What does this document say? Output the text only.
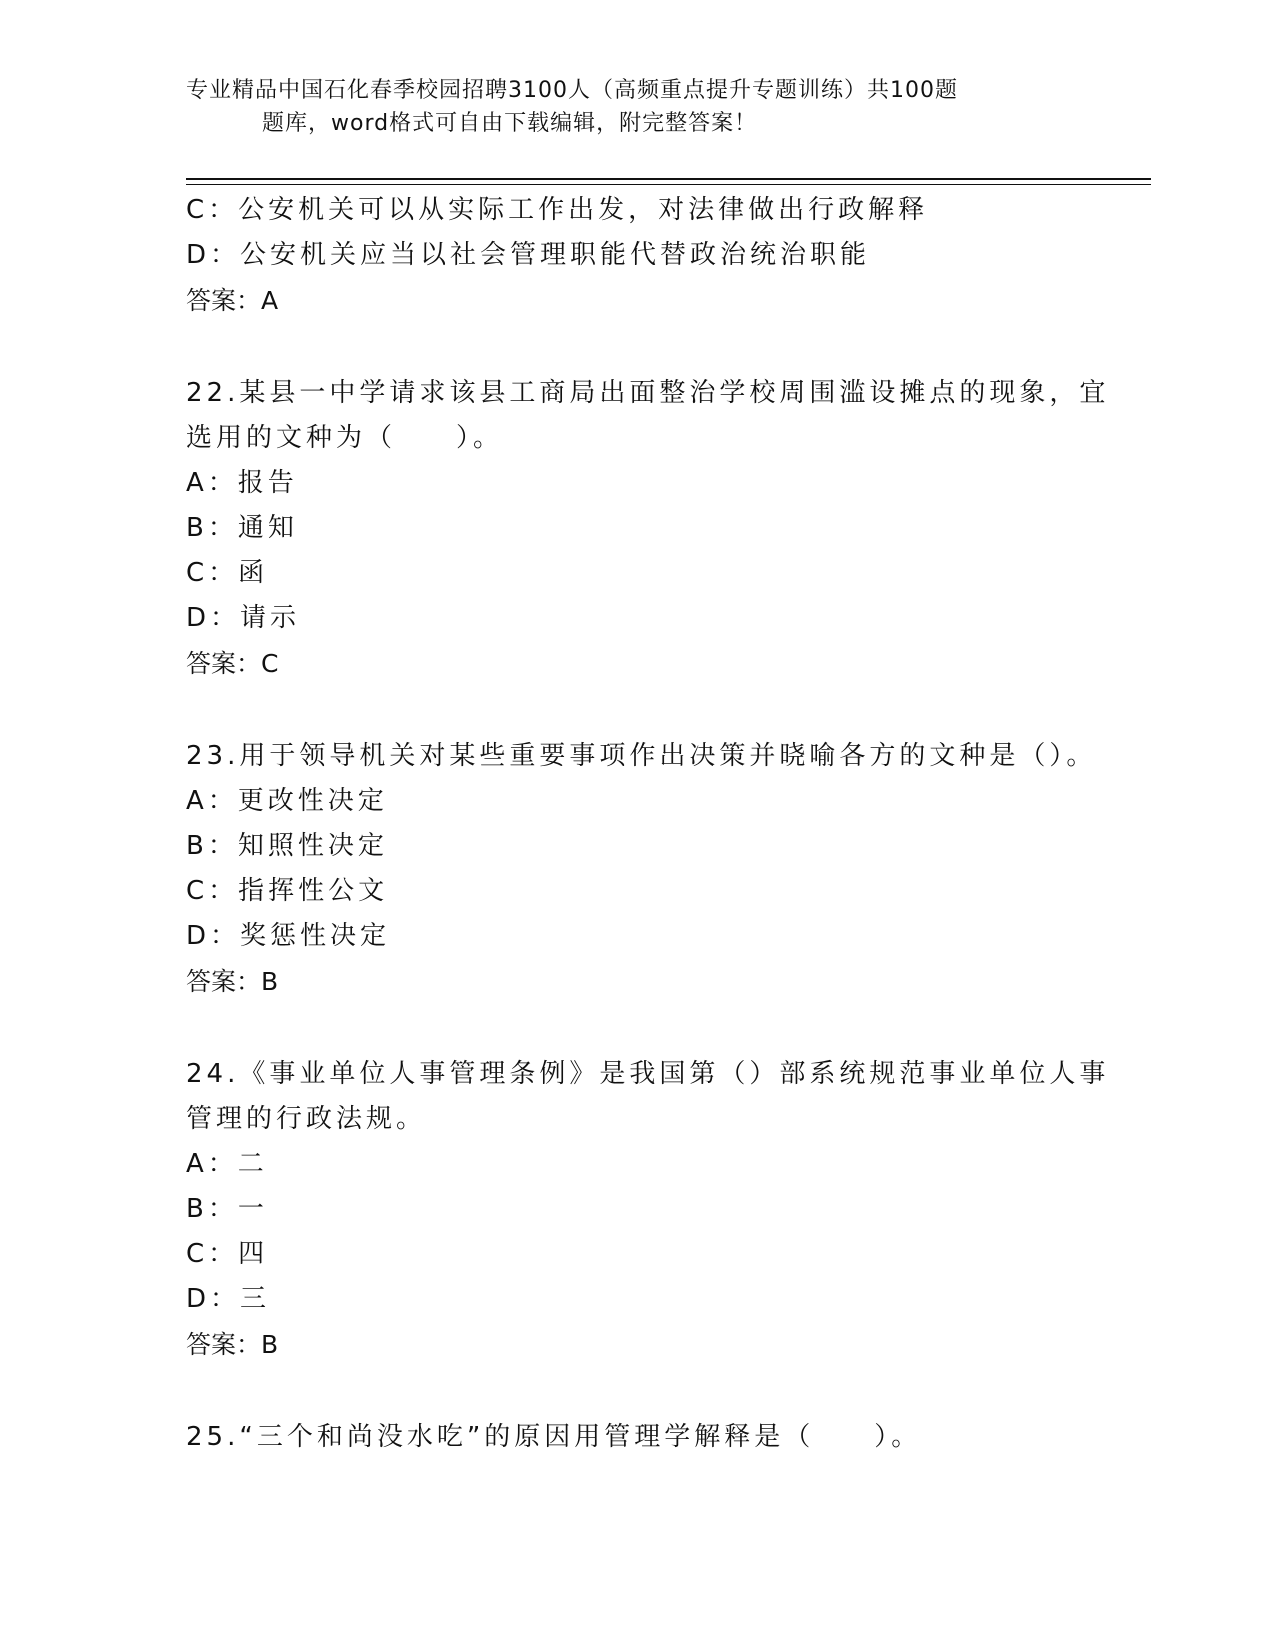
专业精品中国石化春季校园招聘3100人（高频重点提升专题训练）共100题
题库，word格式可自由下载编辑，附完整答案！
C：公安机关可以从实际工作出发，对法律做出行政解释
D：公安机关应当以社会管理职能代替政治统治职能
答案：A
22.某县一中学请求该县工商局出面整治学校周围滥设摊点的现象，宜
选用的文种为（　　）。
A：报告
B：通知
C：函
D：请示
答案：C
23.用于领导机关对某些重要事项作出决策并晓喻各方的文种是（）。
A：更改性决定
B：知照性决定
C：指挥性公文
D：奖惩性决定
答案：B
24.《事业单位人事管理条例》是我国第（）部系统规范事业单位人事
管理的行政法规。
A：二
B：一
C：四
D：三
答案：B
25.“三个和尚没水吃”的原因用管理学解释是（　　）。
